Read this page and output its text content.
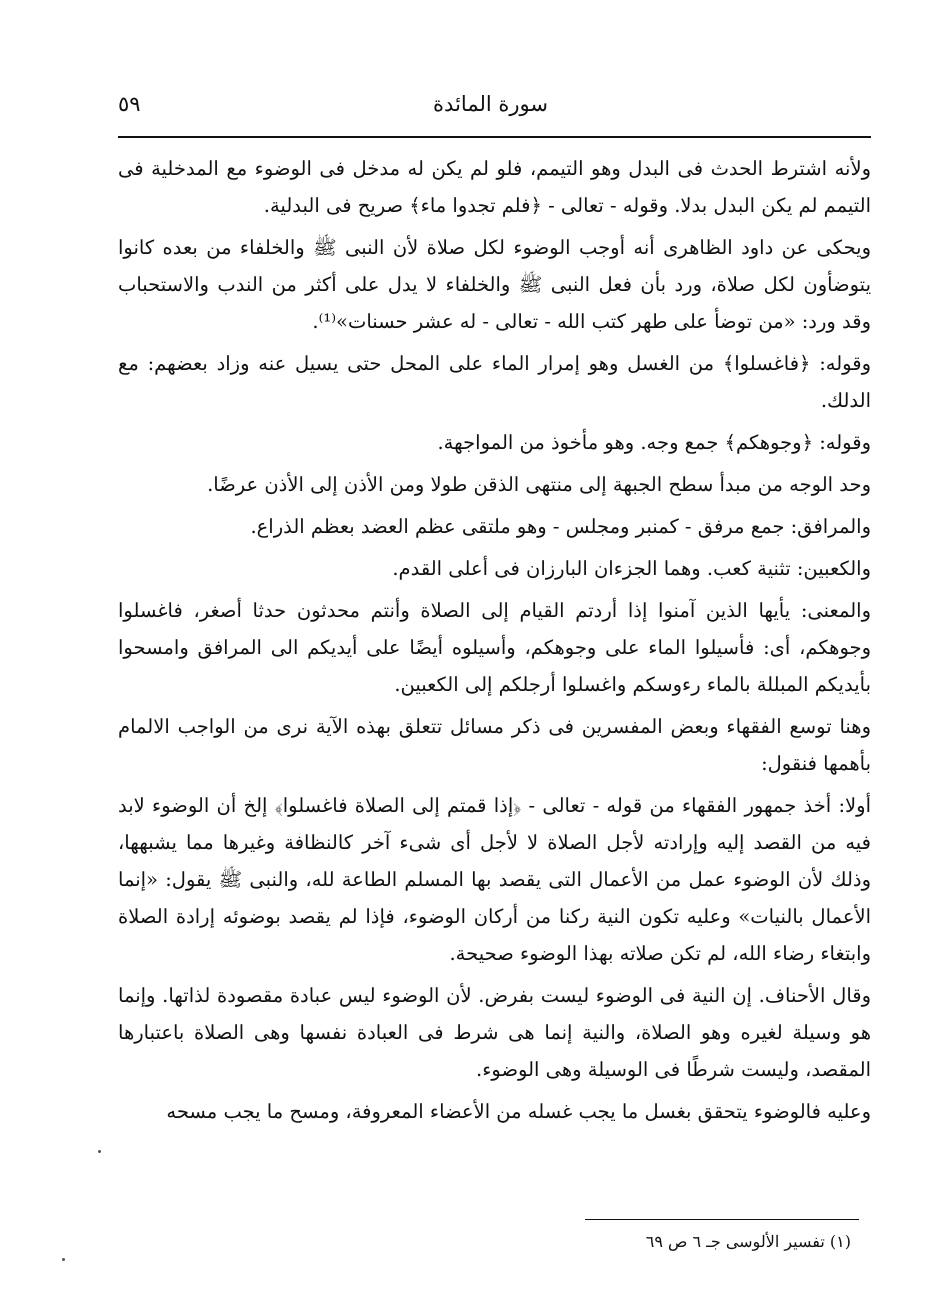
سورة المائدة
٥٩

ولأنه اشترط الحدث فى البدل وهو التيمم، فلو لم يكن له مدخل فى الوضوء مع المدخلية فى التيمم لم يكن البدل بدلا. وقوله - تعالى - ﴿فلم تجدوا ماء﴾ صريح فى البدلية.

ويحكى عن داود الظاهرى أنه أوجب الوضوء لكل صلاة لأن النبى ﷺ والخلفاء من بعده كانوا يتوضأون لكل صلاة، ورد بأن فعل النبى ﷺ والخلفاء لا يدل على أكثر من الندب والاستحباب وقد ورد: «من توضأ على طهر كتب الله - تعالى - له عشر حسنات»⁽¹⁾.

وقوله: ﴿فاغسلوا﴾ من الغسل وهو إمرار الماء على المحل حتى يسيل عنه وزاد بعضهم: مع الدلك.

وقوله: ﴿وجوهكم﴾ جمع وجه. وهو مأخوذ من المواجهة.

وحد الوجه من مبدأ سطح الجبهة إلى منتهى الذقن طولا ومن الأذن إلى الأذن عرضًا.

والمرافق: جمع مرفق - كمنبر ومجلس - وهو ملتقى عظم العضد بعظم الذراع.

والكعبين: تثنية كعب. وهما الجزءان البارزان فى أعلى القدم.

والمعنى: يأيها الذين آمنوا إذا أردتم القيام إلى الصلاة وأنتم محدثون حدثا أصغر، فاغسلوا وجوهكم، أى: فأسيلوا الماء على وجوهكم، وأسيلوه أيضًا على أيديكم الى المرافق وامسحوا بأيديكم المبللة بالماء رءوسكم واغسلوا أرجلكم إلى الكعبين.

وهنا توسع الفقهاء وبعض المفسرين فى ذكر مسائل تتعلق بهذه الآية نرى من الواجب الالمام بأهمها فنقول:

أولا: أخذ جمهور الفقهاء من قوله - تعالى - ﴿إذا قمتم إلى الصلاة فاغسلوا﴾ إلخ أن الوضوء لابد فيه من القصد إليه وإرادته لأجل الصلاة لا لأجل أى شىء آخر كالنظافة وغيرها مما يشبهها، وذلك لأن الوضوء عمل من الأعمال التى يقصد بها المسلم الطاعة لله، والنبى ﷺ يقول: «إنما الأعمال بالنيات» وعليه تكون النية ركنا من أركان الوضوء، فإذا لم يقصد بوضوئه إرادة الصلاة وابتغاء رضاء الله، لم تكن صلاته بهذا الوضوء صحيحة.

وقال الأحناف. إن النية فى الوضوء ليست بفرض. لأن الوضوء ليس عبادة مقصودة لذاتها. وإنما هو وسيلة لغيره وهو الصلاة، والنية إنما هى شرط فى العبادة نفسها وهى الصلاة باعتبارها المقصد، وليست شرطًا فى الوسيلة وهى الوضوء.

وعليه فالوضوء يتحقق بغسل ما يجب غسله من الأعضاء المعروفة، ومسح ما يجب مسحه

(١) تفسير الألوسى جـ ٦ ص ٦٩
